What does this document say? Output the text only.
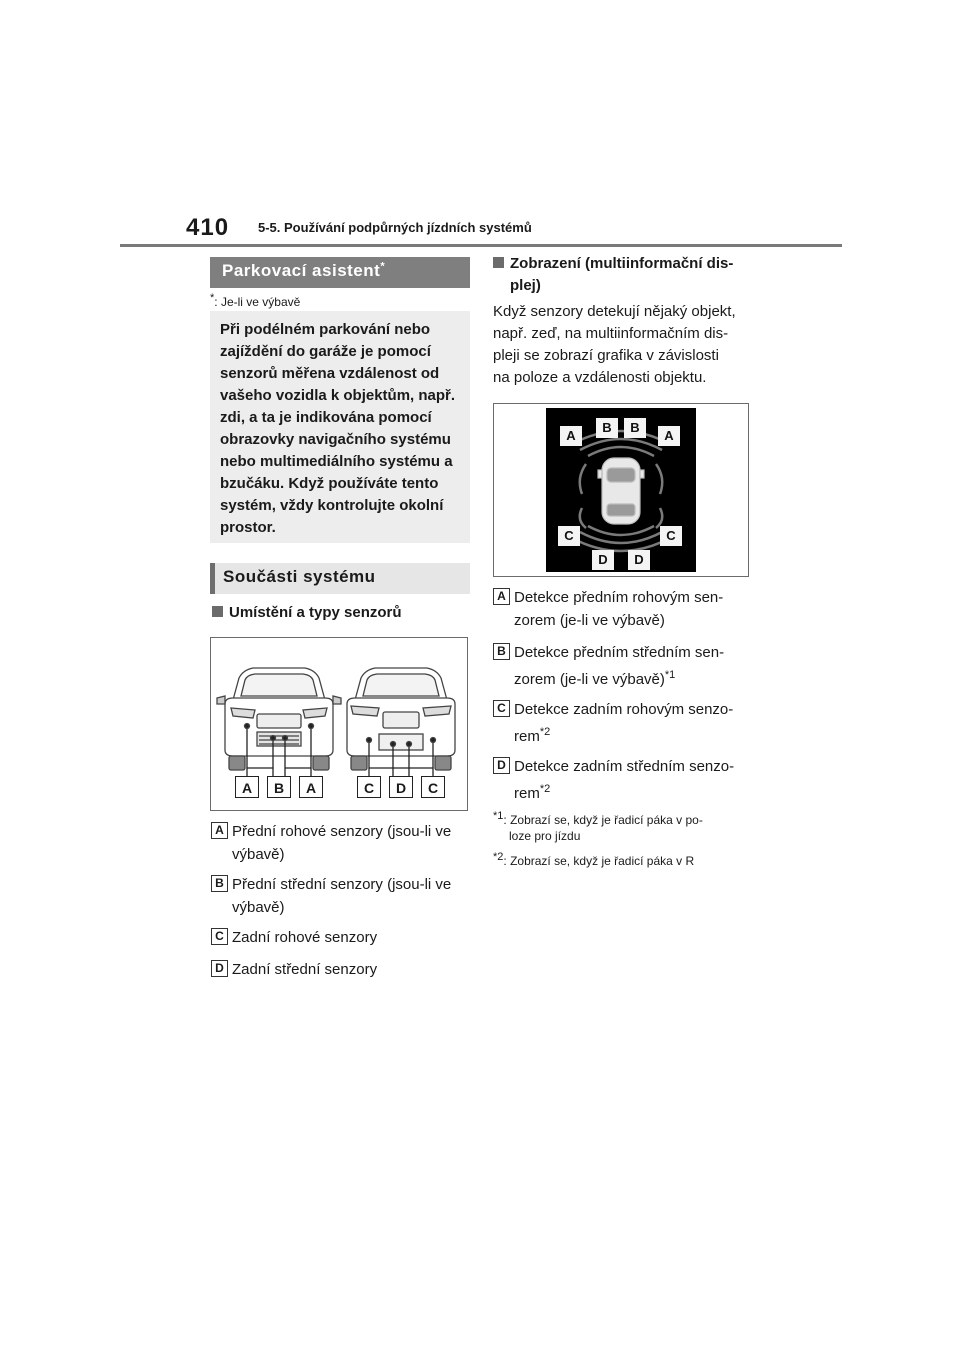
410 5-5. Používání podpůrných jízdních systémů
Parkovací asistent*
*: Je-li ve výbavě
Při podélném parkování nebo zajíždění do garáže je pomocí senzorů měřena vzdálenost od vašeho vozidla k objektům, např. zdi, a ta je indikována pomocí obrazovky navigačního systému nebo multimediálního systému a bzučáku. Když používáte tento systém, vždy kontrolujte okolní prostor.
Součásti systému
Umístění a typy senzorů
A	B	A	C	D	C
A Přední rohové senzory (jsou-li ve
výbavě)
B Přední střední senzory (jsou-li ve
výbavě)
C Zadní rohové senzory
D Zadní střední senzory
Zobrazení (multiinformační dis-
plej)
Když senzory detekují nějaký objekt,
např. zeď, na multiinformačním dis-
pleji se zobrazí grafika v závislosti
na poloze a vzdálenosti objektu.
A
B	B
A
C	C
D	D
A Detekce předním rohovým sen-
zorem (je-li ve výbavě)
B Detekce předním středním sen-
zorem (je-li ve výbavě)$^{*1}$
C Detekce zadním rohovým senzo-
rem$^{*2}$
D Detekce zadním středním senzo-
rem$^{*2}$
*1: Zobrazí se, když je řadicí páka v po-
loze pro jízdu
*2: Zobrazí se, když je řadicí páka v R
